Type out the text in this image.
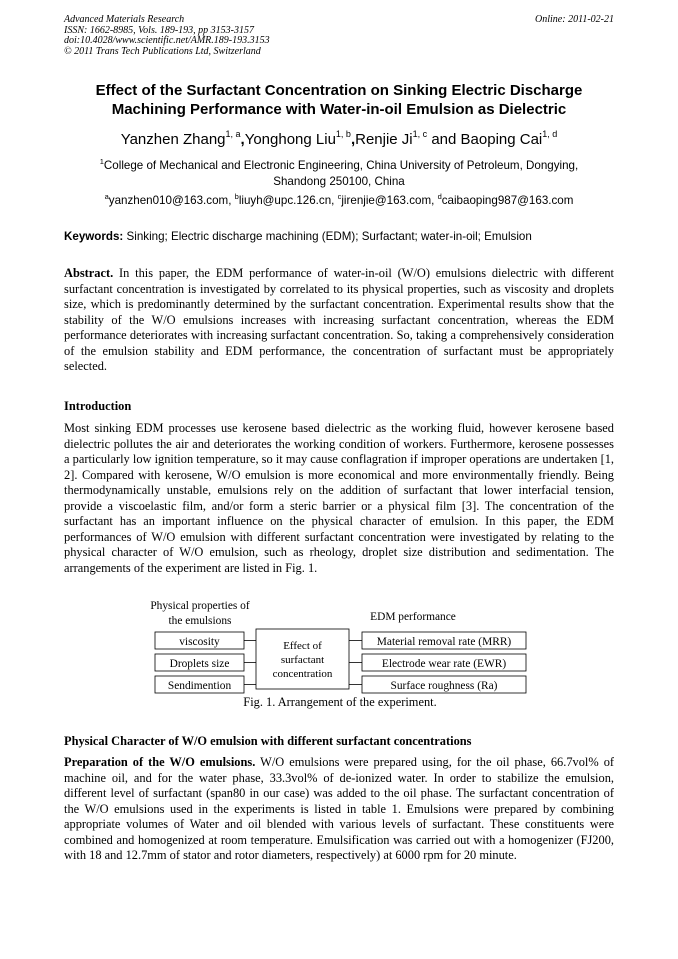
Advanced Materials Research
ISSN: 1662-8985, Vols. 189-193, pp 3153-3157
doi:10.4028/www.scientific.net/AMR.189-193.3153
© 2011 Trans Tech Publications Ltd, Switzerland
Online: 2011-02-21
Effect of the Surfactant Concentration on Sinking Electric Discharge
Machining Performance with Water-in-oil Emulsion as Dielectric
Yanzhen Zhang$^{1, a}$,Yonghong Liu$^{1, b}$,Renjie Ji$^{1, c}$ and Baoping Cai$^{1, d}$
$^1$College of Mechanical and Electronic Engineering, China University of Petroleum, Dongying,
Shandong 250100, China
$^a$yanzhen010@163.com, $^b$liuyh@upc.126.cn, $^c$jirenjie@163.com, $^d$caibaoping987@163.com
Keywords: Sinking; Electric discharge machining (EDM); Surfactant; water-in-oil; Emulsion
Abstract. In this paper, the EDM performance of water-in-oil (W/O) emulsions dielectric with different surfactant concentration is investigated by correlated to its physical properties, such as viscosity and droplets size, which is predominantly determined by the surfactant concentration. Experimental results show that the stability of the W/O emulsions increases with increasing surfactant concentration, whereas the EDM performance deteriorates with increasing surfactant concentration. So, taking a comprehensively consideration of the emulsion stability and EDM performance, the concentration of surfactant must be appropriately selected.
Introduction
Most sinking EDM processes use kerosene based dielectric as the working fluid, however kerosene based dielectric pollutes the air and deteriorates the working condition of workers. Furthermore, kerosene possesses a particularly low ignition temperature, so it may cause conflagration if improper operations are undertaken [1, 2]. Compared with kerosene, W/O emulsion is more economical and more environmentally friendly. Being thermodynamically unstable, emulsions rely on the addition of surfactant that lower interfacial tension, provide a viscoelastic film, and/or form a steric barrier or a physical film [3]. The concentration of the surfactant has an important influence on the physical character of emulsion. In this paper, the EDM performances of W/O emulsion with different surfactant concentration were investigated by relating to the physical character of W/O emulsion, such as rheology, droplet size distribution and sedimentation. The arrangements of the experiment are listed in Fig. 1.
Physical properties of
the emulsions	EDM performance
viscosity
Droplets size
Sendimention
Effect of
surfactant
concentration
Material removal rate (MRR)
Electrode wear rate (EWR)
Surface roughness (Ra)
Fig. 1. Arrangement of the experiment.
Physical Character of W/O emulsion with different surfactant concentrations
Preparation of the W/O emulsions. W/O emulsions were prepared using, for the oil phase, 66.7vol% of machine oil, and for the water phase, 33.3vol% of de-ionized water. In order to stabilize the emulsion, different level of surfactant (span80 in our case) was added to the oil phase. The surfactant concentration of the W/O emulsions used in the experiments is listed in table 1. Emulsions were prepared by combining appropriate volumes of Water and oil blended with various levels of surfactant. These constituents were combined and homogenized at room temperature. Emulsification was carried out with a homogenizer (FJ200, with 18 and 12.7mm of stator and rotor diameters, respectively) at 6000 rpm for 20 minute.
